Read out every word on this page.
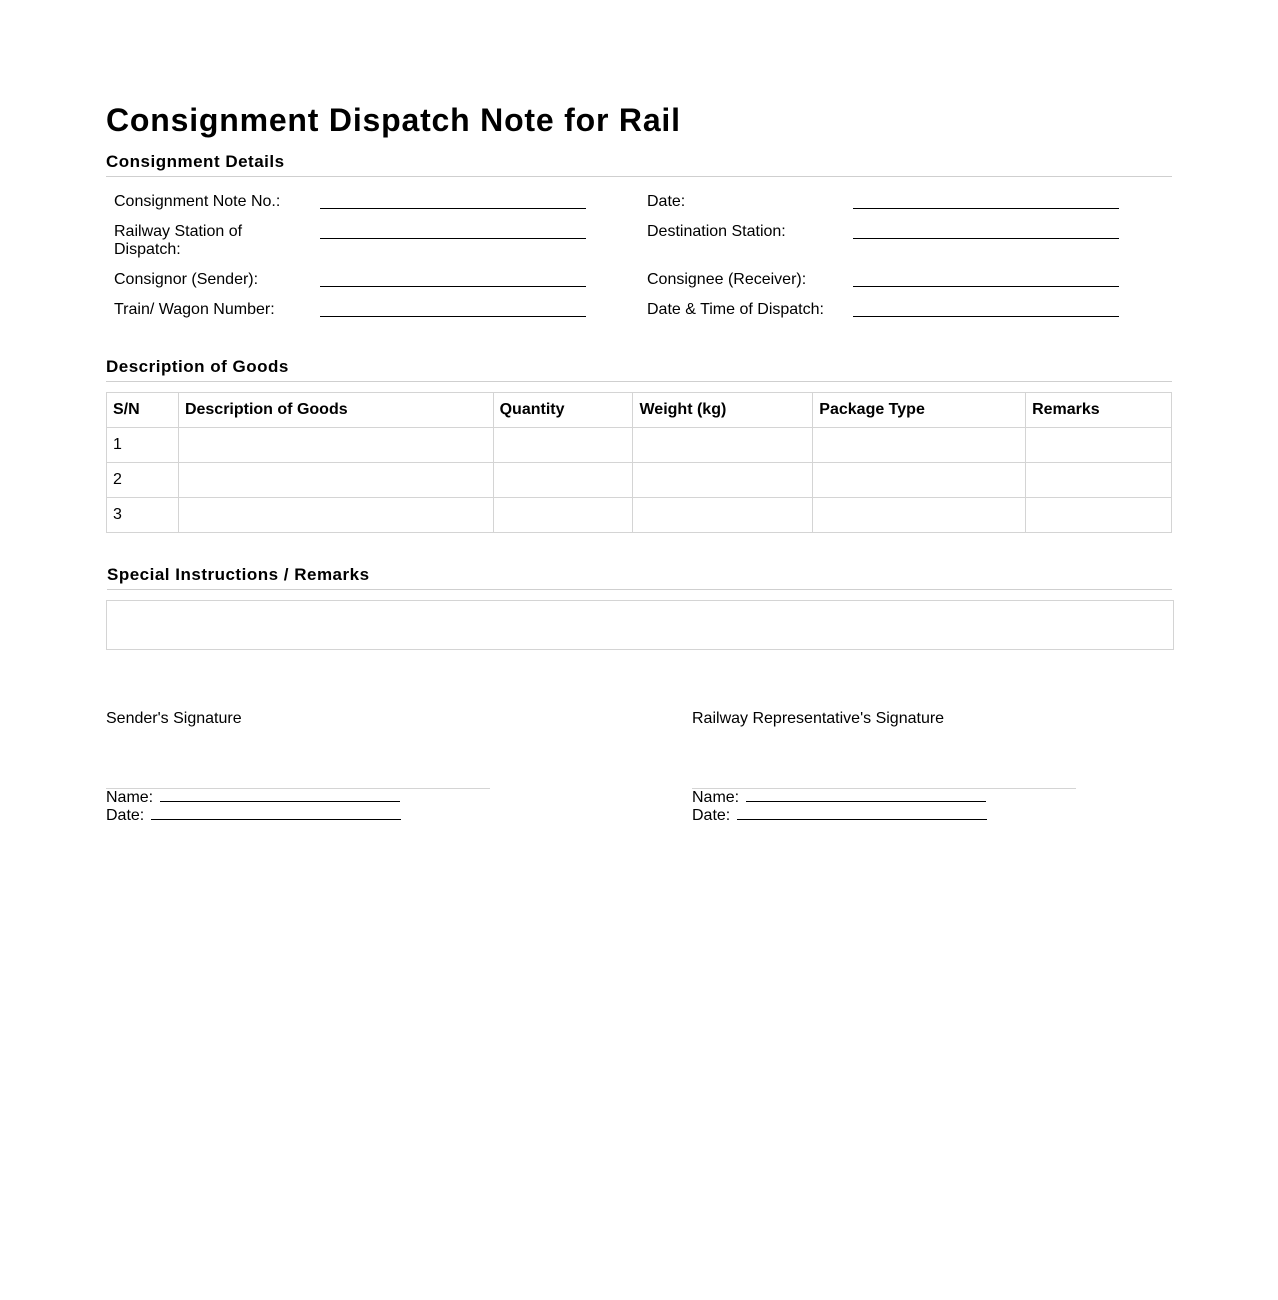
Consignment Dispatch Note for Rail
Consignment Details
Consignment Note No.:
Railway Station of Dispatch:
Consignor (Sender):
Train/ Wagon Number:
Date:
Destination Station:
Consignee (Receiver):
Date & Time of Dispatch:
Description of Goods
S/N	Description of Goods	Quantity	Weight (kg)	Package Type	Remarks
1					
2					
3					
Special Instructions / Remarks
Sender's Signature
Name:
Date:
Railway Representative's Signature
Name:
Date:
